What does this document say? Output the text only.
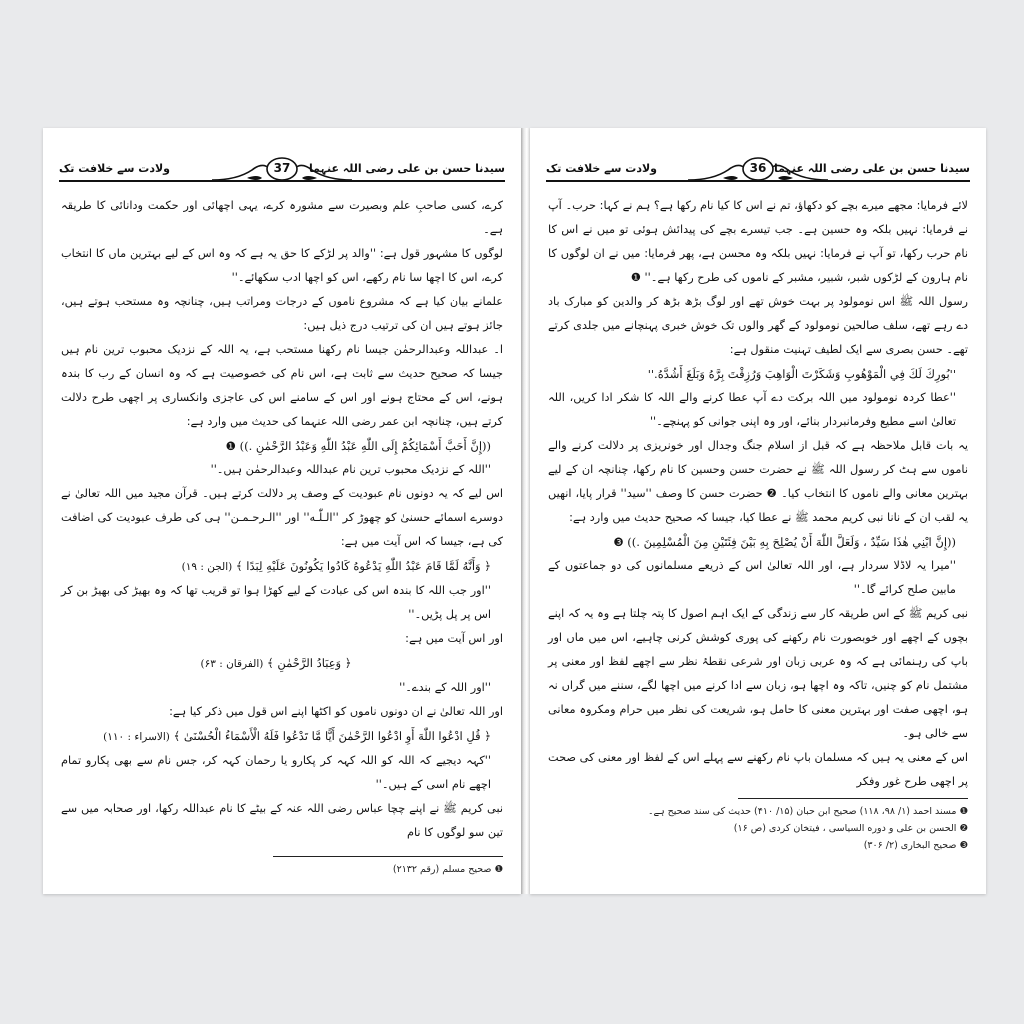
سیدنا حسن بن علی رضی اللہ عنہما
37
ولادت سے خلافت تک

کرے، کسی صاحبِ علم وبصیرت سے مشورہ کرے، یہی اچھائی اور حکمت ودانائی کا طریقہ ہے۔

لوگوں کا مشہور قول ہے: ''والد پر لڑکے کا حق یہ ہے کہ وہ اس کے لیے بہترین ماں کا انتخاب کرے، اس کا اچھا سا نام رکھے، اس کو اچھا ادب سکھائے۔''

علمانے بیان کیا ہے کہ مشروع ناموں کے درجات ومراتب ہیں، چنانچہ وہ مستحب ہوتے ہیں، جائز ہوتے ہیں ان کی ترتیب درج ذیل ہیں:

ا۔ عبداللہ وعبدالرحمٰن جیسا نام رکھنا مستحب ہے، یہ اللہ کے نزدیک محبوب ترین نام ہیں جیسا کہ صحیح حدیث سے ثابت ہے، اس نام کی خصوصیت ہے کہ وہ انسان کے رب کا بندہ ہونے، اس کے محتاج ہونے اور اس کے سامنے اس کی عاجزی وانکساری پر اچھی طرح دلالت کرتے ہیں، چنانچہ ابن عمر رضی اللہ عنہما کی حدیث میں وارد ہے:

((إِنَّ أَحَبَّ أَسْمَائِكُمْ إِلَى اللّٰهِ عَبْدُ اللّٰهِ وَعَبْدُ الرَّحْمٰنِ .)) ❶

''اللہ کے نزدیک محبوب ترین نام عبداللہ وعبدالرحمٰن ہیں۔''

اس لیے کہ یہ دونوں نام عبودیت کے وصف پر دلالت کرتے ہیں۔ قرآن مجید میں اللہ تعالیٰ نے دوسرے اسمائے حسنیٰ کو چھوڑ کر ''الـلّٰـه'' اور ''الـرحـمـن'' ہی کی طرف عبودیت کی اضافت کی ہے، جیسا کہ اس آیت میں ہے:

﴿ وَأَنَّهُ لَمَّا قَامَ عَبْدُ اللّٰهِ يَدْعُوهُ كَادُوا يَكُونُونَ عَلَيْهِ لِبَدًا ﴾ (الجن : ۱۹)

''اور جب اللہ کا بندہ اس کی عبادت کے لیے کھڑا ہوا تو قریب تھا کہ وہ بھیڑ کی بھیڑ بن کر اس پر پل پڑیں۔''

اور اس آیت میں ہے:

﴿ وَعِبَادُ الرَّحْمٰنِ ﴾ (الفرقان : ۶۳)

''اور اللہ کے بندے۔''

اور اللہ تعالیٰ نے ان دونوں ناموں کو اکٹھا اپنے اس قول میں ذکر کیا ہے:

﴿ قُلِ ادْعُوا اللّٰهَ أَوِ ادْعُوا الرَّحْمٰنَ أَيًّا مَّا تَدْعُوا فَلَهُ الْأَسْمَاءُ الْحُسْنَىٰ ﴾ (الاسراء : ۱۱۰)

''کہہ دیجیے کہ اللہ کو اللہ کہہ کر پکارو یا رحمان کہہ کر، جس نام سے بھی پکارو تمام اچھے نام اسی کے ہیں۔''

نبی کریم ﷺ نے اپنے چچا عباس رضی اللہ عنہ کے بیٹے کا نام عبداللہ رکھا، اور صحابہ میں سے تین سو لوگوں کا نام

❶ صحيح مسلم (رقم ۲۱۳۲)
سیدنا حسن بن علی رضی اللہ عنہما
36
ولادت سے خلافت تک

لائے فرمایا: مجھے میرے بچے کو دکھاؤ، تم نے اس کا کیا نام رکھا ہے؟ ہم نے کہا: حرب۔ آپ نے فرمایا: نہیں بلکہ وہ حسین ہے۔ جب تیسرے بچے کی پیدائش ہوئی تو میں نے اس کا نام حرب رکھا، تو آپ نے فرمایا: نہیں بلکہ وہ محسن ہے، پھر فرمایا: میں نے ان لوگوں کا نام ہارون کے لڑکوں شبر، شبیر، مشبر کے ناموں کی طرح رکھا ہے۔'' ❶

رسول اللہ ﷺ اس نومولود پر بہت خوش تھے اور لوگ بڑھ بڑھ کر والدین کو مبارک باد دے رہے تھے، سلف صالحین نومولود کے گھر والوں تک خوش خبری پہنچانے میں جلدی کرتے تھے۔ حسن بصری سے ایک لطیف تہنیت منقول ہے:

''بُورِكَ لَكَ فِي الْمَوْهُوبِ وَشَكَرْتَ الْوَاهِبَ وَرُزِقْتَ بِرَّهُ وَبَلَغَ أَشُدَّهُ.''

''عطا کردہ نومولود میں اللہ برکت دے آپ عطا کرنے والے اللہ کا شکر ادا کریں، اللہ تعالیٰ اسے مطیع وفرمانبردار بنائے، اور وہ اپنی جوانی کو پہنچے۔''

یہ بات قابل ملاحظہ ہے کہ قبل از اسلام جنگ وجدال اور خونریزی پر دلالت کرنے والے ناموں سے ہٹ کر رسول اللہ ﷺ نے حضرت حسن وحسین کا نام رکھا، چنانچہ ان کے لیے بہترین معانی والے ناموں کا انتخاب کیا۔ ❷ حضرت حسن کا وصف ''سید'' قرار پایا، انھیں یہ لقب ان کے نانا نبی کریم محمد ﷺ نے عطا کیا، جیسا کہ صحیح حدیث میں وارد ہے:

((إِنَّ ابْنِي هٰذَا سَيِّدٌ ، وَلَعَلَّ اللّٰهَ أَنْ يُصْلِحَ بِهِ بَيْنَ فِئَتَيْنِ مِنَ الْمُسْلِمِينَ .)) ❸

''میرا یہ لاڈلا سردار ہے، اور اللہ تعالیٰ اس کے ذریعے مسلمانوں کی دو جماعتوں کے مابین صلح کرائے گا۔''

نبی کریم ﷺ کے اس طریقہ کار سے زندگی کے ایک اہم اصول کا پتہ چلتا ہے وہ یہ کہ اپنے بچوں کے اچھے اور خوبصورت نام رکھنے کی پوری کوشش کرنی چاہیے، اس میں ماں اور باپ کی رہنمائی ہے کہ وہ عربی زبان اور شرعی نقطۂ نظر سے اچھے لفظ اور معنی پر مشتمل نام کو چنیں، تاکہ وہ اچھا ہو، زبان سے ادا کرنے میں اچھا لگے، سننے میں گراں نہ ہو، اچھی صفت اور بہترین معنی کا حامل ہو، شریعت کی نظر میں حرام ومکروہ معانی سے خالی ہو۔

اس کے معنی یہ ہیں کہ مسلمان باپ نام رکھنے سے پہلے اس کے لفظ اور معنی کی صحت پر اچھی طرح غور وفکر

❶ مسند احمد (۱/ ۹۸، ۱۱۸) صحيح ابن حبان (۱۵/ ۴۱۰) حدیث کی سند صحیح ہے۔
❷ الحسن بن علی و دوره السياسی ، فيتخان كردی (ص ۱۶)
❸ صحيح البخاری (۲/ ۳۰۶)
